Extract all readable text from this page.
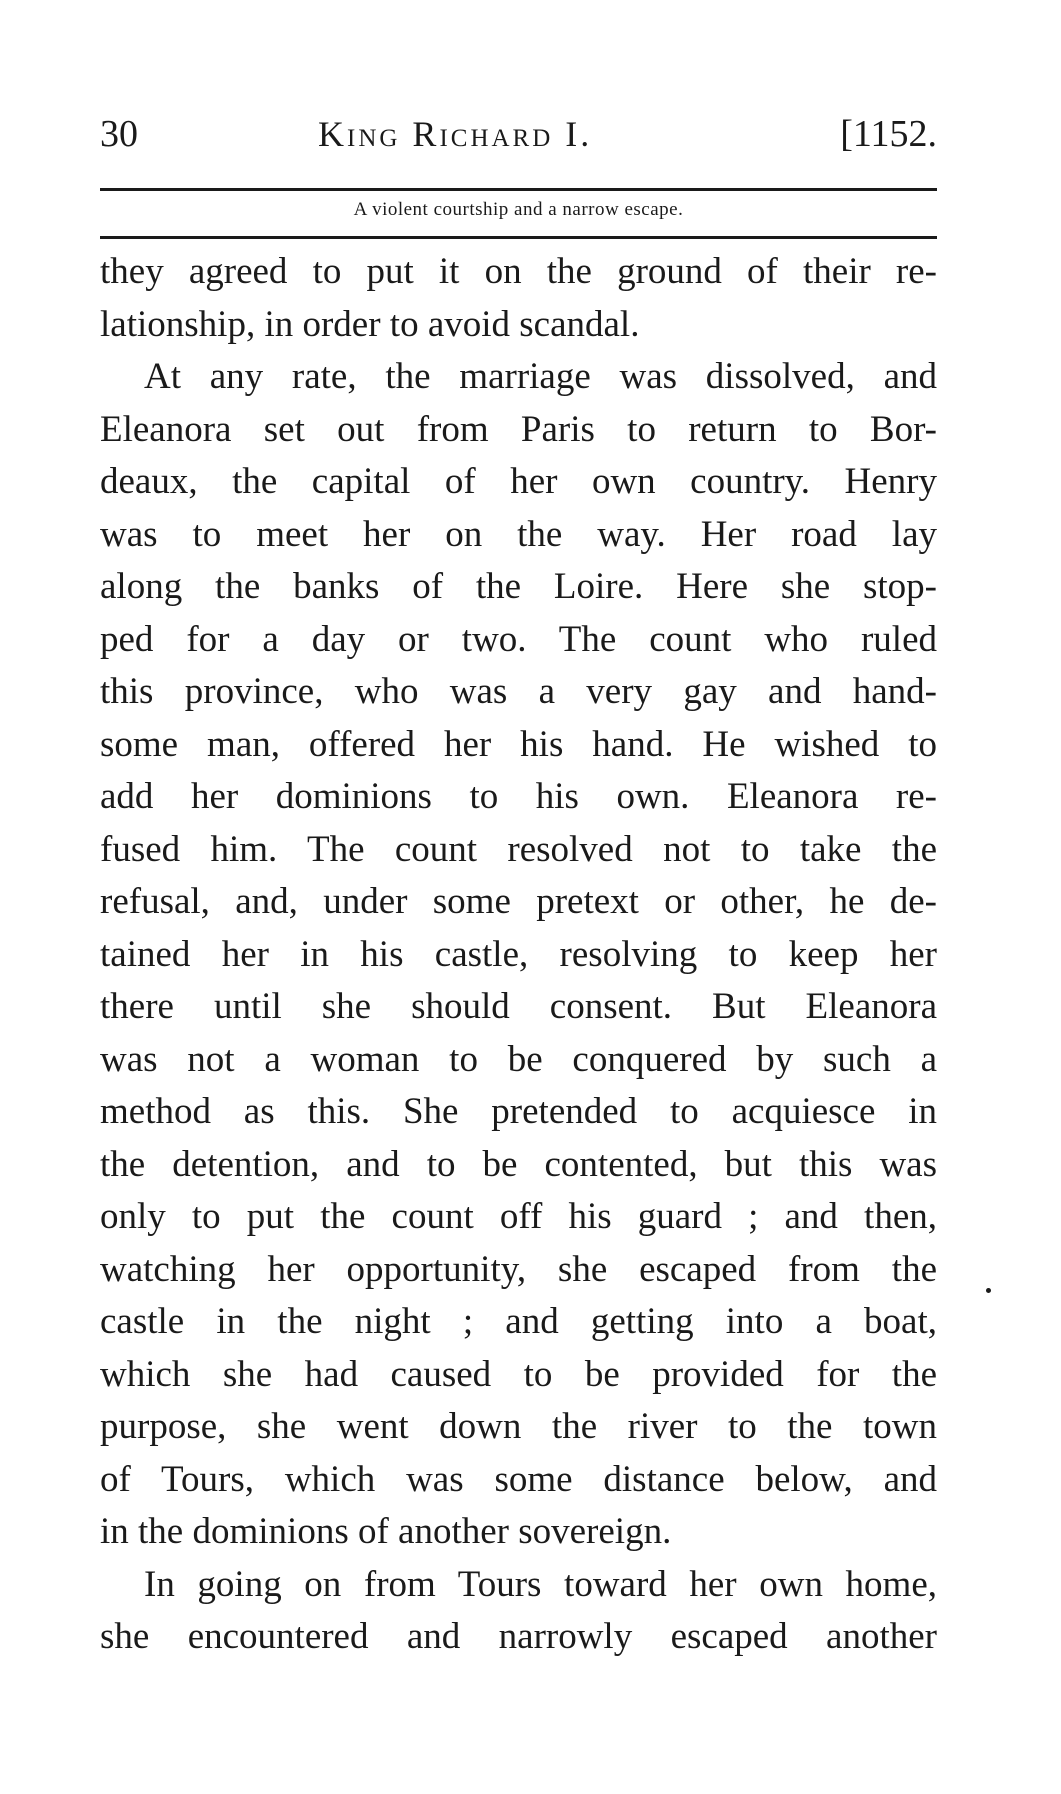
30	King Richard I.	[1152.
A violent courtship and a narrow escape.
they agreed to put it on the ground of their re-
lationship, in order to avoid scandal.
At any rate, the marriage was dissolved, and
Eleanora set out from Paris to return to Bor-
deaux, the capital of her own country. Henry
was to meet her on the way. Her road lay
along the banks of the Loire. Here she stop-
ped for a day or two. The count who ruled
this province, who was a very gay and hand-
some man, offered her his hand. He wished to
add her dominions to his own. Eleanora re-
fused him. The count resolved not to take the
refusal, and, under some pretext or other, he de-
tained her in his castle, resolving to keep her
there until she should consent. But Eleanora
was not a woman to be conquered by such a
method as this. She pretended to acquiesce in
the detention, and to be contented, but this was
only to put the count off his guard ; and then,
watching her opportunity, she escaped from the
castle in the night ; and getting into a boat,
which she had caused to be provided for the
purpose, she went down the river to the town
of Tours, which was some distance below, and
in the dominions of another sovereign.
In going on from Tours toward her own home,
she encountered and narrowly escaped another
